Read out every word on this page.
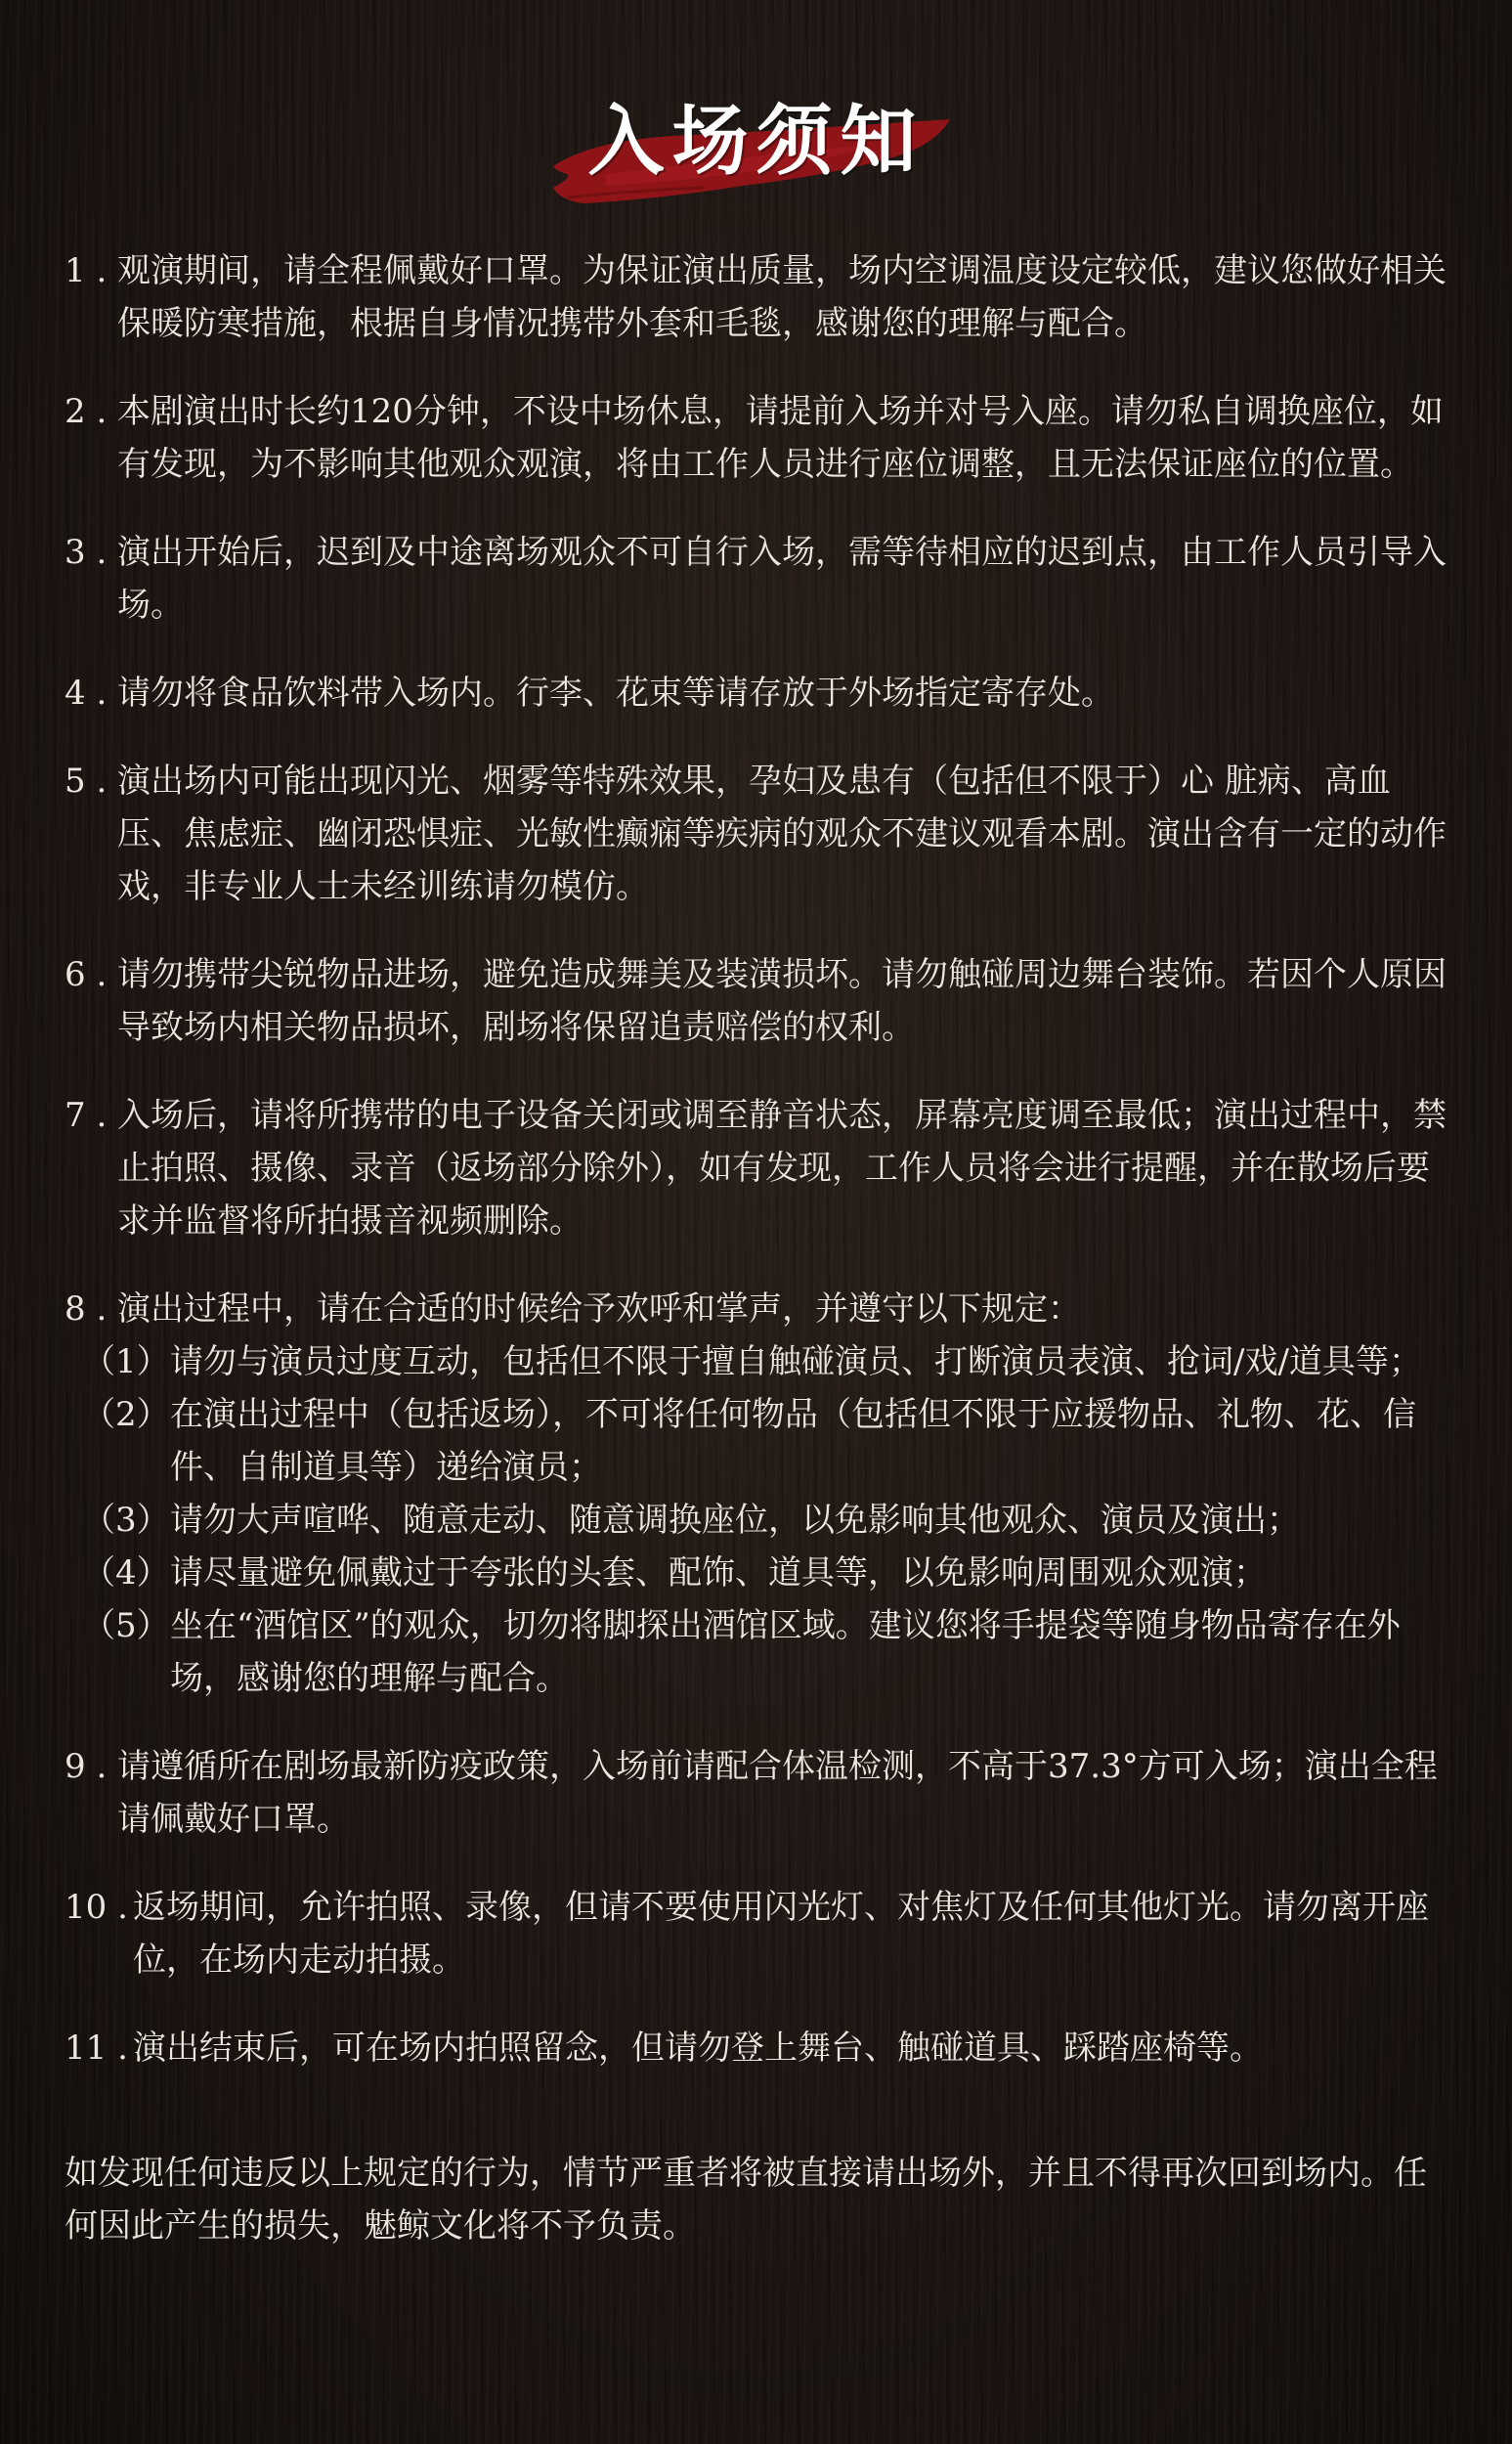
入场须知
1 . 观演期间，请全程佩戴好口罩。为保证演出质量，场内空调温度设定较低，建议您做好相关保暖防寒措施，根据自身情况携带外套和毛毯，感谢您的理解与配合。
2 . 本剧演出时长约120分钟，不设中场休息，请提前入场并对号入座。请勿私自调换座位，如有发现，为不影响其他观众观演，将由工作人员进行座位调整，且无法保证座位的位置。
3 . 演出开始后，迟到及中途离场观众不可自行入场，需等待相应的迟到点，由工作人员引导入场。
4 . 请勿将食品饮料带入场内。行李、花束等请存放于外场指定寄存处。
5 . 演出场内可能出现闪光、烟雾等特殊效果，孕妇及患有（包括但不限于）心 脏病、高血压、焦虑症、幽闭恐惧症、光敏性癫痫等疾病的观众不建议观看本剧。演出含有一定的动作戏，非专业人士未经训练请勿模仿。
6 . 请勿携带尖锐物品进场，避免造成舞美及装潢损坏。请勿触碰周边舞台装饰。若因个人原因导致场内相关物品损坏，剧场将保留追责赔偿的权利。
7 . 入场后，请将所携带的电子设备关闭或调至静音状态，屏幕亮度调至最低；演出过程中，禁止拍照、摄像、录音（返场部分除外），如有发现，工作人员将会进行提醒，并在散场后要求并监督将所拍摄音视频删除。
8 . 演出过程中，请在合适的时候给予欢呼和掌声，并遵守以下规定：
（1） 请勿与演员过度互动，包括但不限于擅自触碰演员、打断演员表演、抢词/戏/道具等；
（2） 在演出过程中（包括返场），不可将任何物品（包括但不限于应援物品、礼物、花、信件、自制道具等）递给演员；
（3） 请勿大声喧哗、随意走动、随意调换座位，以免影响其他观众、演员及演出；
（4） 请尽量避免佩戴过于夸张的头套、配饰、道具等，以免影响周围观众观演；
（5） 坐在“酒馆区”的观众，切勿将脚探出酒馆区域。建议您将手提袋等随身物品寄存在外场，感谢您的理解与配合。
9 . 请遵循所在剧场最新防疫政策，入场前请配合体温检测，不高于37.3°方可入场；演出全程请佩戴好口罩。
10 . 返场期间，允许拍照、录像，但请不要使用闪光灯、对焦灯及任何其他灯光。请勿离开座位，在场内走动拍摄。
11 . 演出结束后，可在场内拍照留念，但请勿登上舞台、触碰道具、踩踏座椅等。
如发现任何违反以上规定的行为，情节严重者将被直接请出场外，并且不得再次回到场内。任何因此产生的损失，魅鲸文化将不予负责。
